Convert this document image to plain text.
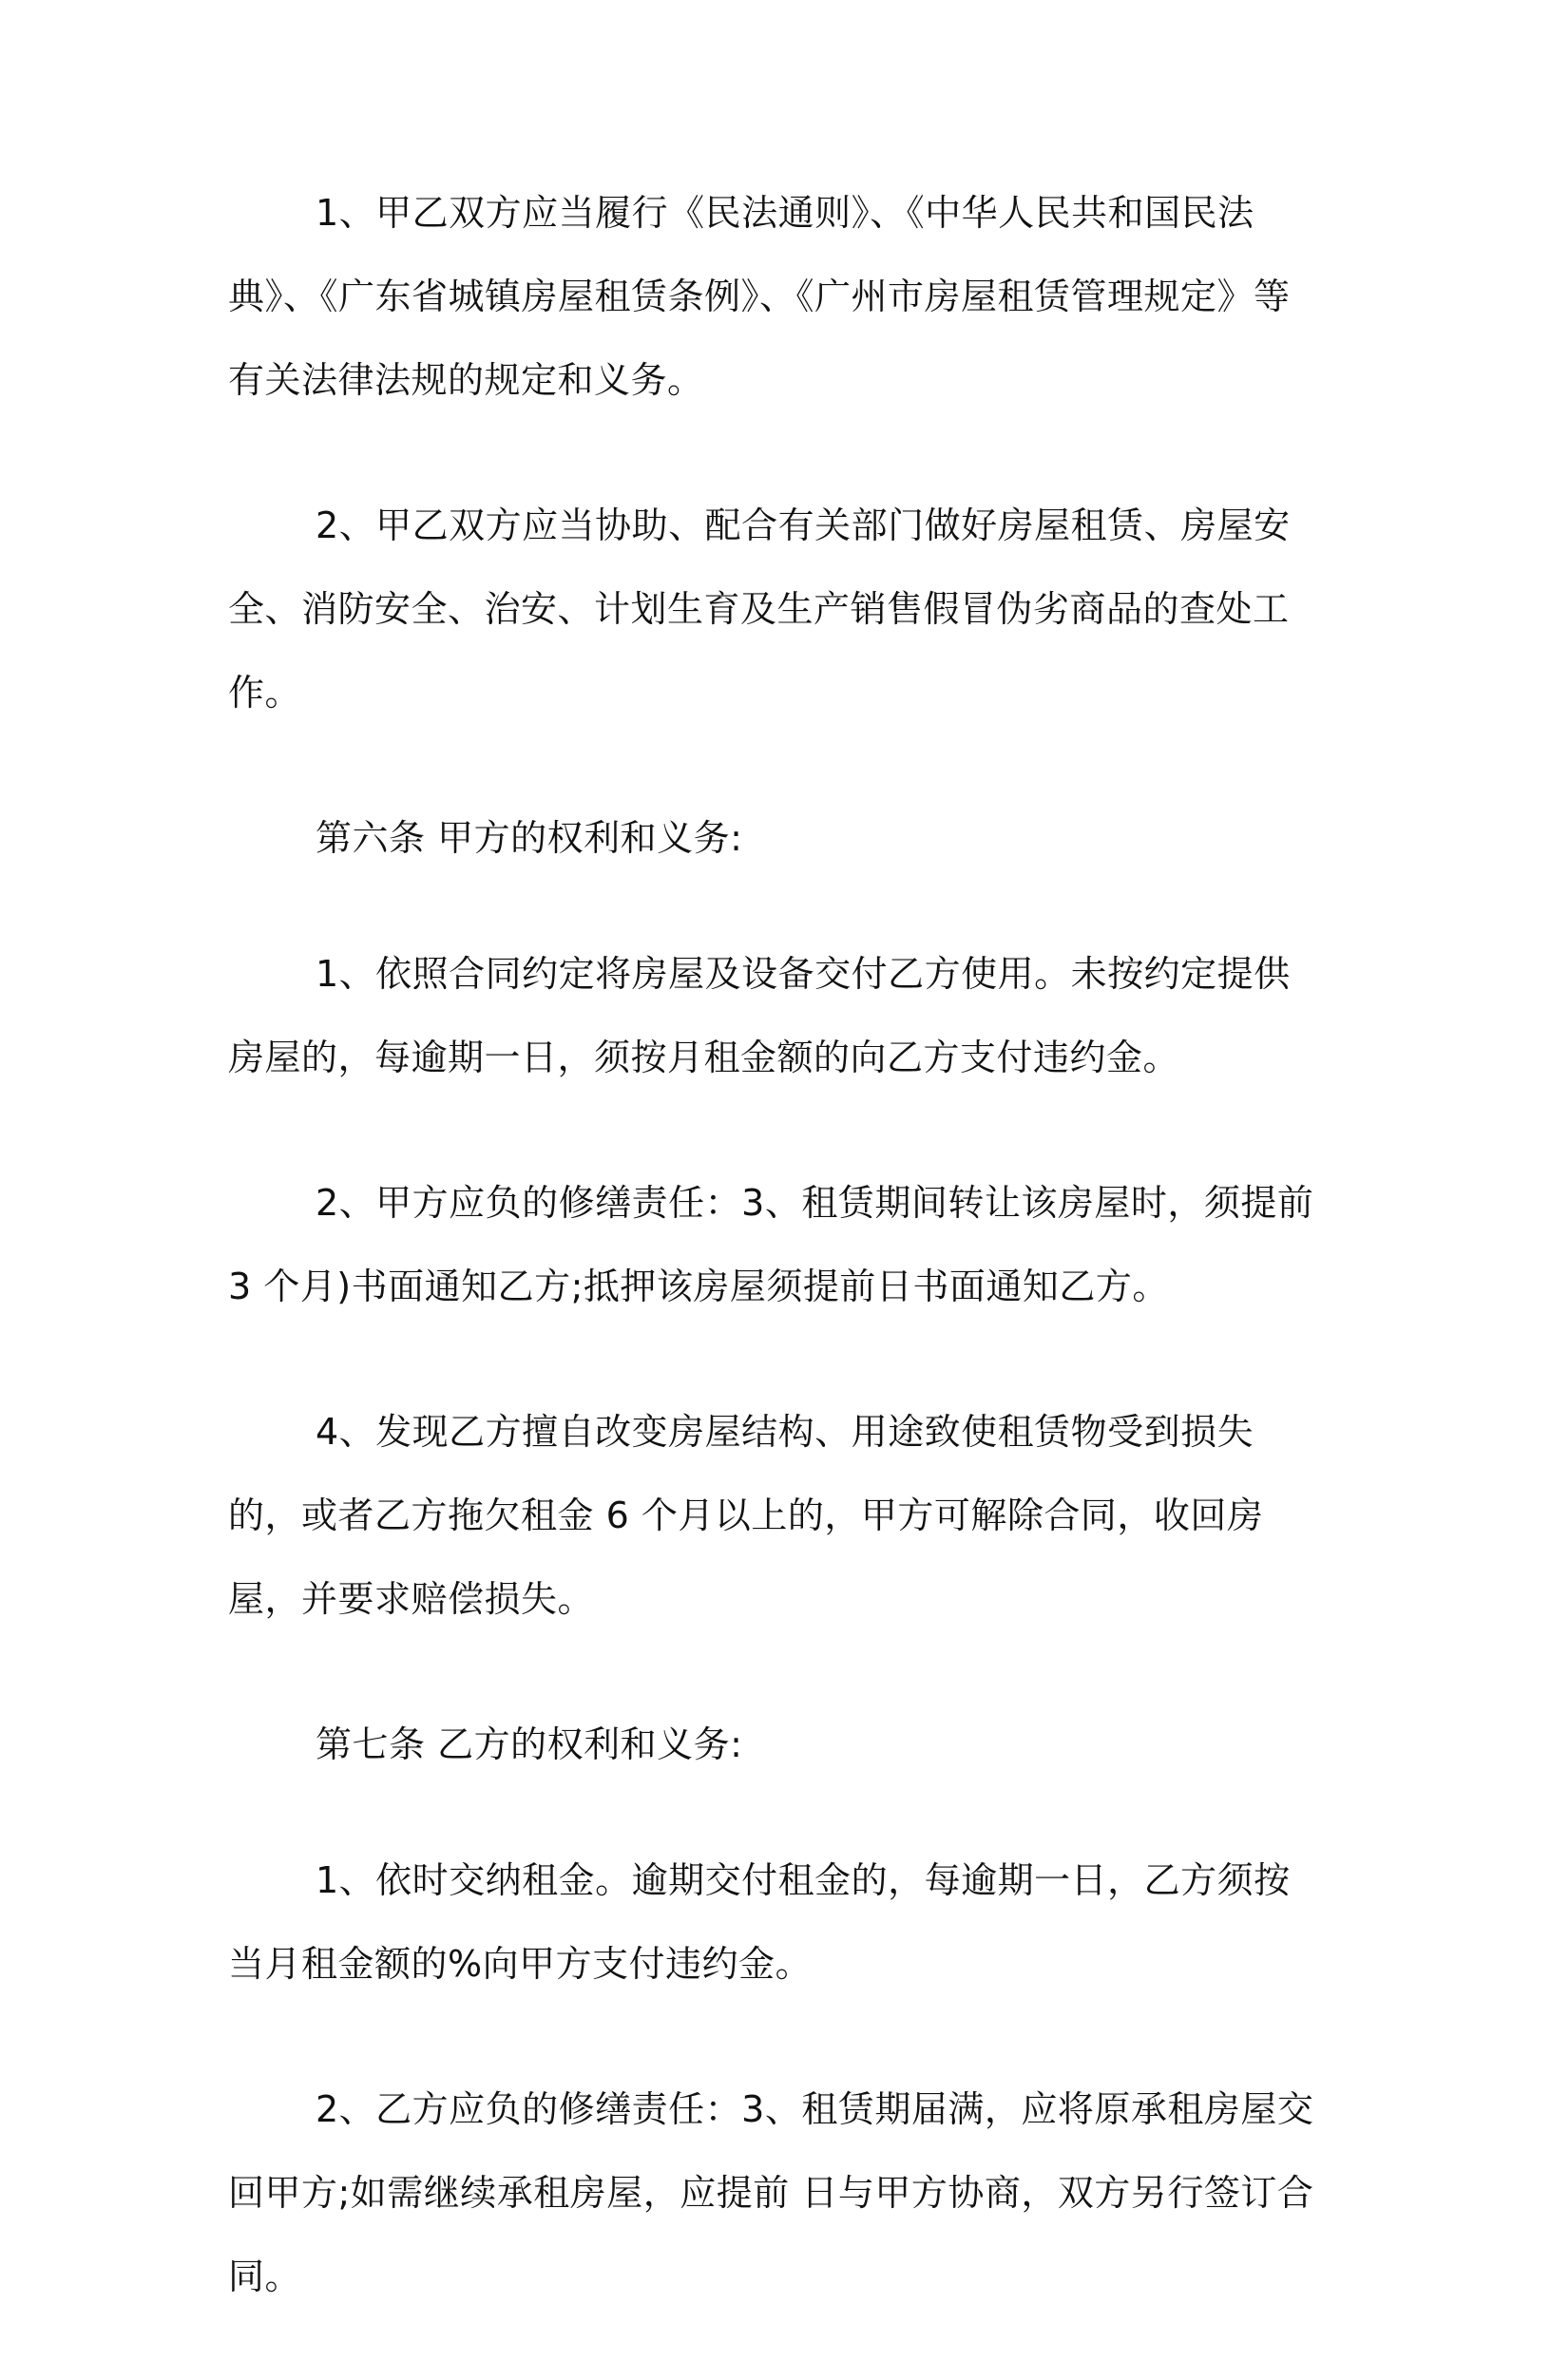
1、甲乙双方应当履行《民法通则》、《中华人民共和国民法典》、《广东省城镇房屋租赁条例》、《广州市房屋租赁管理规定》等有关法律法规的规定和义务。

2、甲乙双方应当协助、配合有关部门做好房屋租赁、房屋安全、消防安全、治安、计划生育及生产销售假冒伪劣商品的查处工作。

第六条 甲方的权利和义务:

1、依照合同约定将房屋及设备交付乙方使用。未按约定提供房屋的，每逾期一日，须按月租金额的向乙方支付违约金。

2、甲方应负的修缮责任：3、租赁期间转让该房屋时，须提前 3 个月)书面通知乙方;抵押该房屋须提前日书面通知乙方。

4、发现乙方擅自改变房屋结构、用途致使租赁物受到损失的，或者乙方拖欠租金 6 个月以上的，甲方可解除合同，收回房屋，并要求赔偿损失。

第七条 乙方的权利和义务:

1、依时交纳租金。逾期交付租金的，每逾期一日，乙方须按当月租金额的%向甲方支付违约金。

2、乙方应负的修缮责任：3、租赁期届满，应将原承租房屋交回甲方;如需继续承租房屋，应提前 日与甲方协商，双方另行签订合同。
